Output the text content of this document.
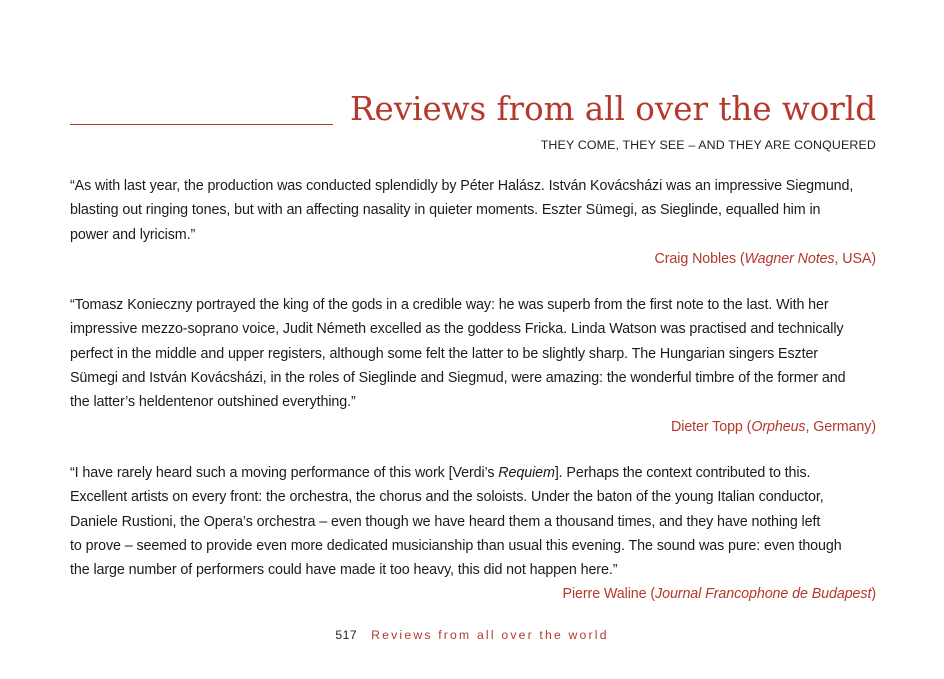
Reviews from all over the world
THEY COME, THEY SEE – AND THEY ARE CONQUERED

“As with last year, the production was conducted splendidly by Péter Halász. István Kovácsházi was an impressive Siegmund,
blasting out ringing tones, but with an affecting nasality in quieter moments. Eszter Sümegi, as Sieglinde, equalled him in
power and lyricism.”

Craig Nobles (Wagner Notes, USA)

“Tomasz Konieczny portrayed the king of the gods in a credible way: he was superb from the first note to the last. With her
impressive mezzo-soprano voice, Judit Németh excelled as the goddess Fricka. Linda Watson was practised and technically
perfect in the middle and upper registers, although some felt the latter to be slightly sharp. The Hungarian singers Eszter
Sümegi and István Kovácsházi, in the roles of Sieglinde and Siegmud, were amazing: the wonderful timbre of the former and
the latter’s heldentenor outshined everything.”

Dieter Topp (Orpheus, Germany)

“I have rarely heard such a moving performance of this work [Verdi’s Requiem]. Perhaps the context contributed to this.
Excellent artists on every front: the orchestra, the chorus and the soloists. Under the baton of the young Italian conductor,
Daniele Rustioni, the Opera’s orchestra – even though we have heard them a thousand times, and they have nothing left
to prove – seemed to provide even more dedicated musicianship than usual this evening. The sound was pure: even though
the large number of performers could have made it too heavy, this did not happen here.”

Pierre Waline (Journal Francophone de Budapest)

517 Reviews from all over the world
